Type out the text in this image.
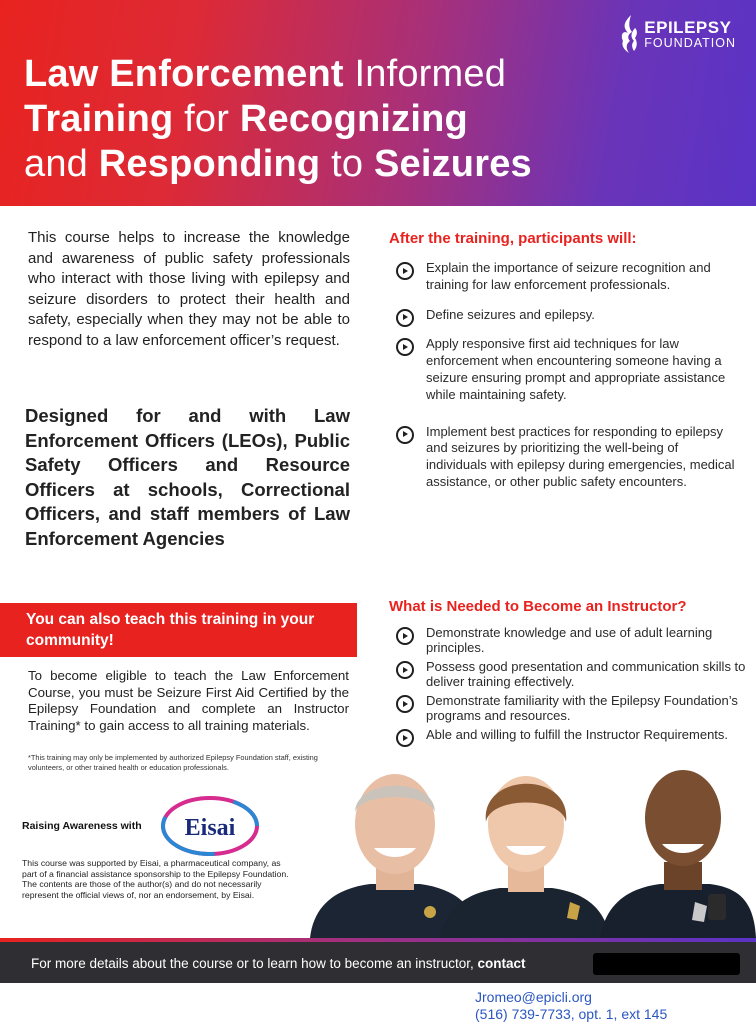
EPILEPSY
FOUNDATION
Law Enforcement Informed
Training for Recognizing
and Responding to Seizures

This course helps to increase the knowledge and awareness of public safety professionals who interact with those living with epilepsy and seizure disorders to protect their health and safety, especially when they may not be able to respond to a law enforcement officer’s request.

Designed for and with Law Enforcement Officers (LEOs), Public Safety Officers and Resource Officers at schools, Correctional Officers, and staff members of Law Enforcement Agencies

You can also teach this training in your community!

To become eligible to teach the Law Enforcement Course, you must be Seizure First Aid Certified by the Epilepsy Foundation and complete an Instructor Training* to gain access to all training materials.

*This training may only be implemented by authorized Epilepsy Foundation staff, existing volunteers, or other trained health or education professionals.

Raising Awareness with Eisai

This course was supported by Eisai, a pharmaceutical company, as part of a financial assistance sponsorship to the Epilepsy Foundation. The contents are those of the author(s) and do not necessarily represent the official views of, nor an endorsement, by Eisai.

After the training, participants will:
Explain the importance of seizure recognition and training for law enforcement professionals.
Define seizures and epilepsy.
Apply responsive first aid techniques for law enforcement when encountering someone having a seizure ensuring prompt and appropriate assistance while maintaining safety.
Implement best practices for responding to epilepsy and seizures by prioritizing the well-being of individuals with epilepsy during emergencies, medical assistance, or other public safety encounters.
What is Needed to Become an Instructor?
Demonstrate knowledge and use of adult learning principles.
Possess good presentation and communication skills to deliver training effectively.
Demonstrate familiarity with the Epilepsy Foundation’s programs and resources.
Able and willing to fulfill the Instructor Requirements.
For more details about the course or to learn how to become an instructor, contact
Jromeo@epicli.org
(516) 739-7733, opt. 1, ext 145
